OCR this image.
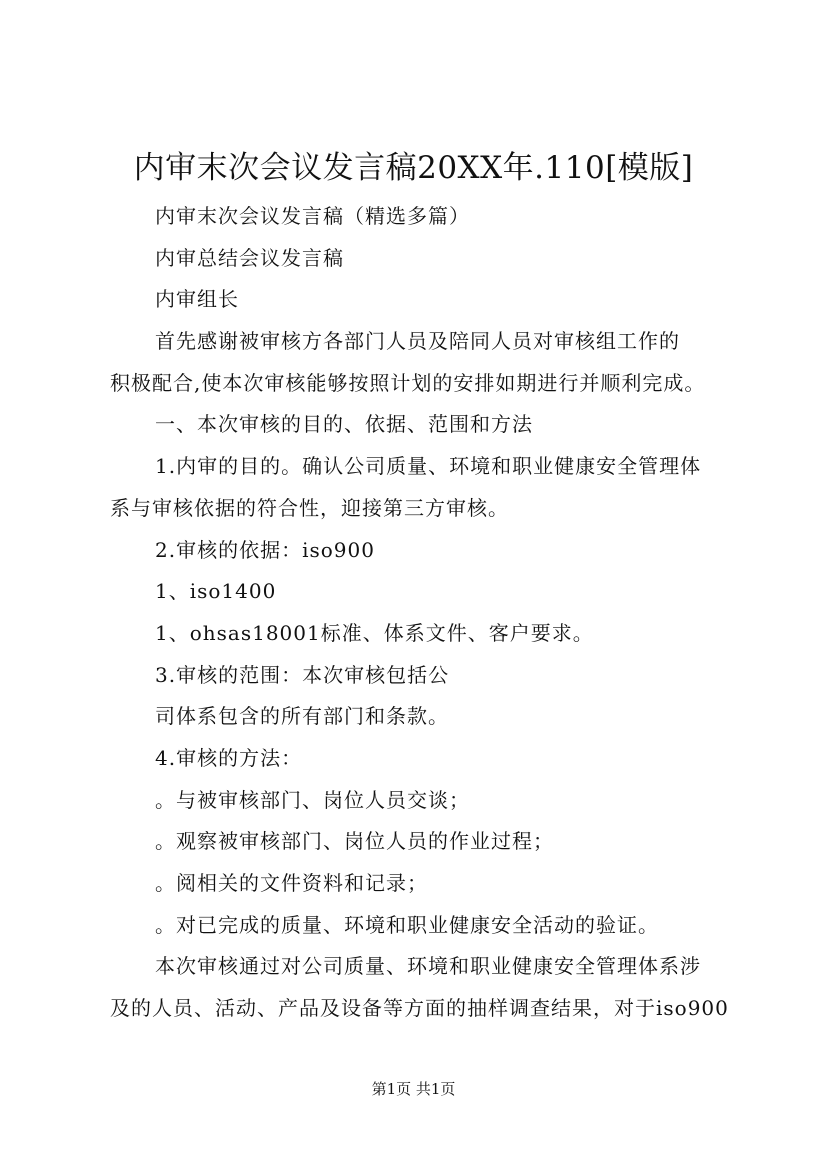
内审末次会议发言稿20XX年.110[模版]
内审末次会议发言稿（精选多篇）
内审总结会议发言稿
内审组长
首先感谢被审核方各部门人员及陪同人员对审核组工作的
积极配合,使本次审核能够按照计划的安排如期进行并顺利完成。
一、本次审核的目的、依据、范围和方法
1.内审的目的。确认公司质量、环境和职业健康安全管理体
系与审核依据的符合性，迎接第三方审核。
2.审核的依据：iso900
1、iso1400
1、ohsas18001标准、体系文件、客户要求。
3.审核的范围：本次审核包括公
司体系包含的所有部门和条款。
4.审核的方法：
。与被审核部门、岗位人员交谈；
。观察被审核部门、岗位人员的作业过程；
。阅相关的文件资料和记录；
。对已完成的质量、环境和职业健康安全活动的验证。
本次审核通过对公司质量、环境和职业健康安全管理体系涉
及的人员、活动、产品及设备等方面的抽样调查结果，对于iso900
第1页 共1页
